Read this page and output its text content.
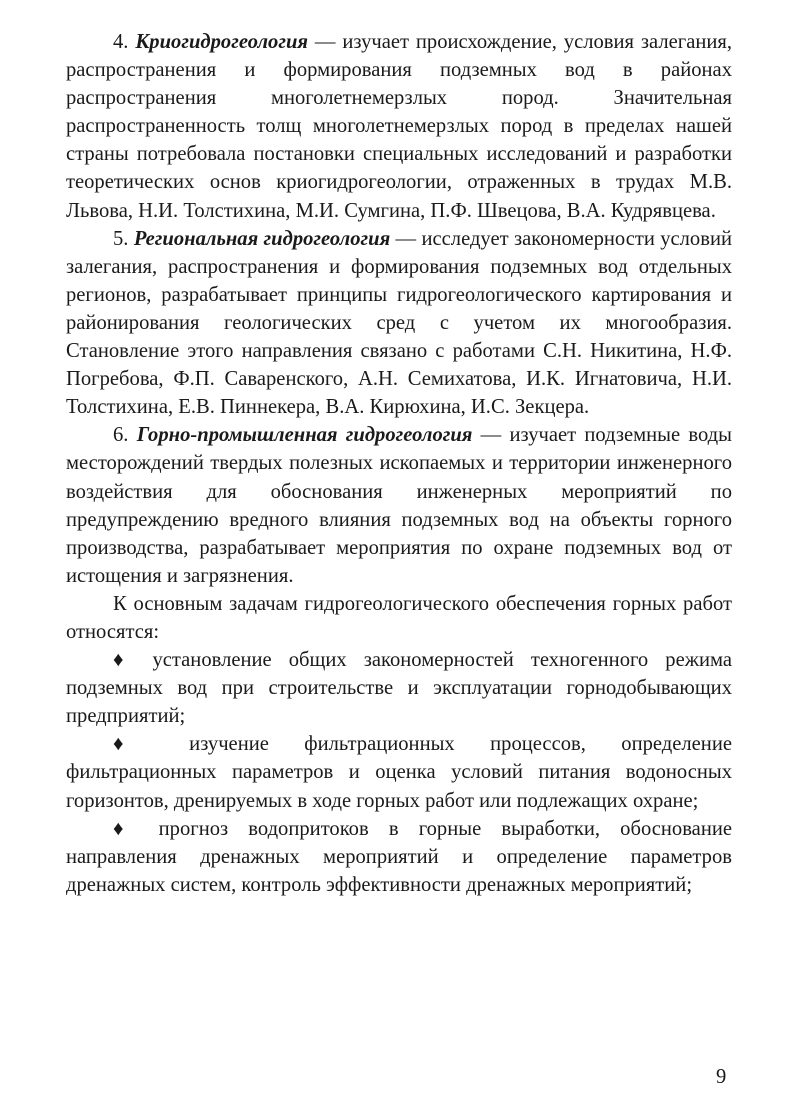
4. Криогидрогеология — изучает происхождение, условия залегания, распространения и формирования подземных вод в районах распространения многолетнемерзлых пород. Значительная распространенность толщ многолетнемерзлых пород в пределах нашей страны потребовала постановки специальных исследований и разработки теоретических основ криогидрогеологии, отраженных в трудах М.В. Львова, Н.И. Толстихина, М.И. Сумгина, П.Ф. Швецова, В.А. Кудрявцева.

5. Региональная гидрогеология — исследует закономерности условий залегания, распространения и формирования подземных вод отдельных регионов, разрабатывает принципы гидрогеологического картирования и районирования геологических сред с учетом их многообразия. Становление этого направления связано с работами С.Н. Никитина, Н.Ф. Погребова, Ф.П. Саваренского, А.Н. Семихатова, И.К. Игнатовича, Н.И. Толстихина, Е.В. Пиннекера, В.А. Кирюхина, И.С. Зекцера.

6. Горно-промышленная гидрогеология — изучает подземные воды месторождений твердых полезных ископаемых и территории инженерного воздействия для обоснования инженерных мероприятий по предупреждению вредного влияния подземных вод на объекты горного производства, разрабатывает мероприятия по охране подземных вод от истощения и загрязнения.

К основным задачам гидрогеологического обеспечения горных работ относятся:

♦ установление общих закономерностей техногенного режима подземных вод при строительстве и эксплуатации горнодобывающих предприятий;

♦ изучение фильтрационных процессов, определение фильтрационных параметров и оценка условий питания водоносных горизонтов, дренируемых в ходе горных работ или подлежащих охране;

♦ прогноз водопритоков в горные выработки, обоснование направления дренажных мероприятий и определение параметров дренажных систем, контроль эффективности дренажных мероприятий;

9
